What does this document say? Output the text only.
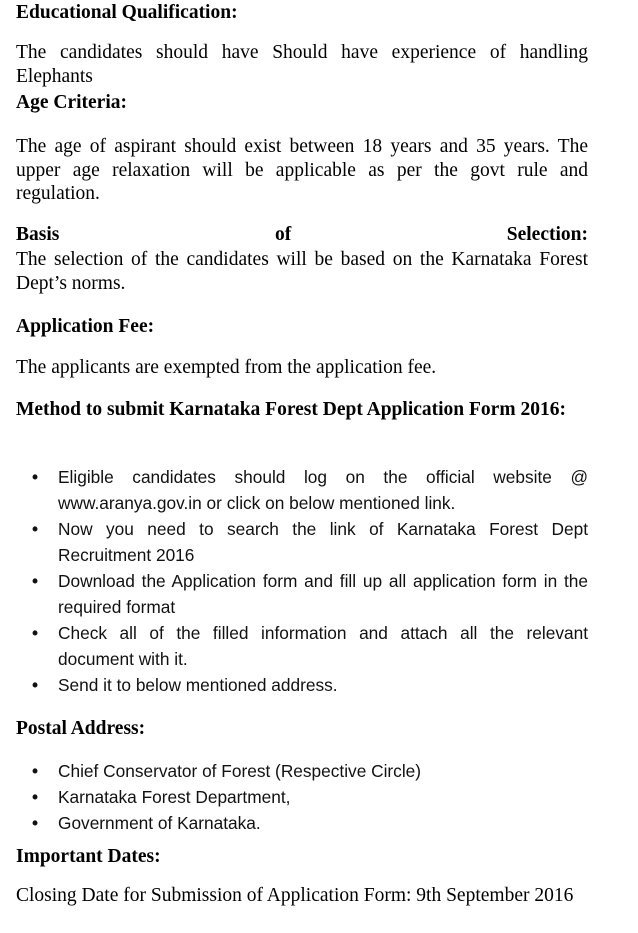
Educational Qualification:

The candidates should have Should have experience of handling Elephants

Age Criteria:

The age of aspirant should exist between 18 years and 35 years. The upper age relaxation will be applicable as per the govt rule and regulation.

Basis	of	Selection:

The selection of the candidates will be based on the Karnataka Forest Dept’s norms.

Application Fee:

The applicants are exempted from the application fee.

Method to submit Karnataka Forest Dept Application Form 2016:
• Eligible candidates should log on the official website @ www.aranya.gov.in or click on below mentioned link.
• Now you need to search the link of Karnataka Forest Dept Recruitment 2016
• Download the Application form and fill up all application form in the required format
• Check all of the filled information and attach all the relevant document with it.
• Send it to below mentioned address.
Postal Address:
• Chief Conservator of Forest (Respective Circle)
• Karnataka Forest Department,
• Government of Karnataka.
Important Dates:

Closing Date for Submission of Application Form: 9th September 2016
